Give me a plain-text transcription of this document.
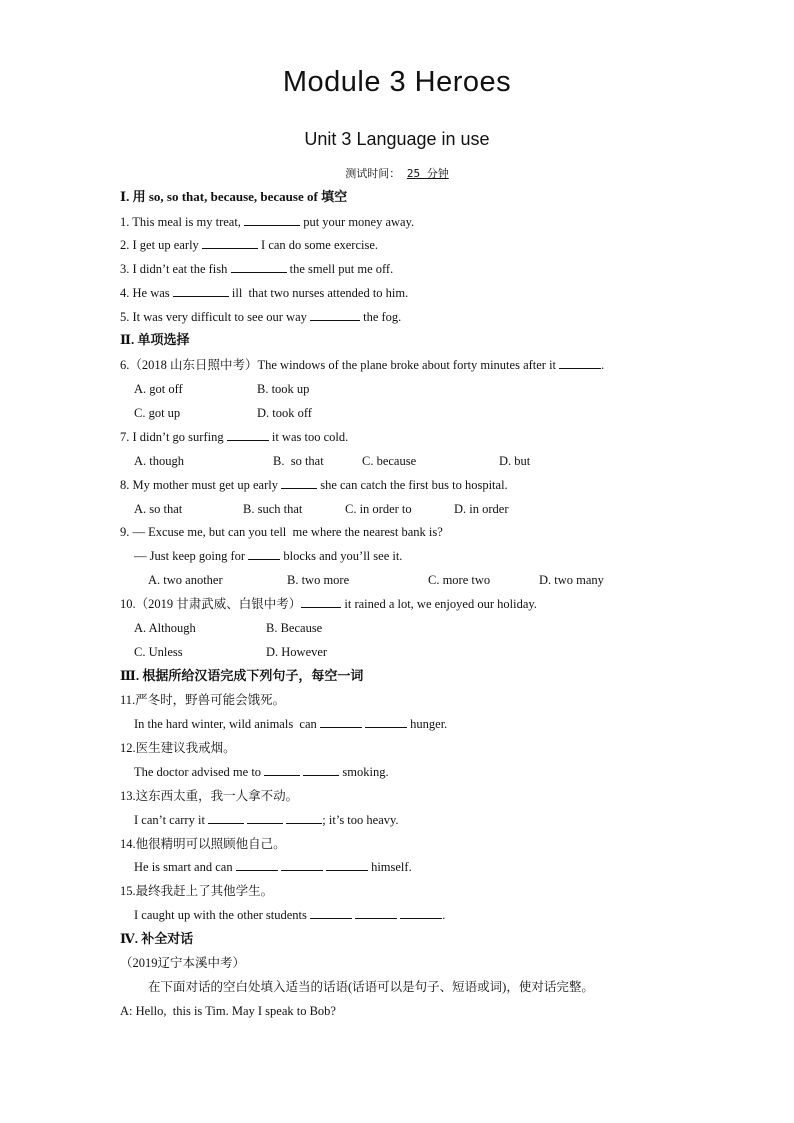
Module 3 Heroes
Unit 3 Language in use
测试时间： 25 分钟
Ⅰ. 用 so, so that, because, because of 填空
1. This meal is my treat,	put your money away.
2. I get up early	I can do some exercise.
3. I didn’t eat the fish	the smell put me off.
4. He was	ill  that two nurses attended to him.
5. It was very difficult to see our way	the fog.
Ⅱ. 单项选择
6.（2018 山东日照中考）The windows of the plane broke about forty minutes after it	.
A. got off	B. took up
C. got up	D. took off
7. I didn’t go surfing	it was too cold.
A. though	B.  so that	C. because	D. but
8. My mother must get up early	she can catch the first bus to hospital.
A. so that	B. such that	C. in order to	D. in order
9. — Excuse me, but can you tell  me where the nearest bank is?
— Just keep going for	blocks and you’ll see it.
A. two another	B. two more	C. more two	D. two many
10.（2019 甘肃武威、白银中考）	it rained a lot, we enjoyed our holiday.
A. Although	B. Because
C. Unless	D. However
Ⅲ. 根据所给汉语完成下列句子，每空一词
11.严冬时，野兽可能会饿死。
In the hard winter, wild animals  can	hunger.
12.医生建议我戒烟。
The doctor advised me to	smoking.
13.这东西太重，我一人拿不动。
I can’t carry it	; it’s too heavy.
14.他很精明可以照顾他自己。
He is smart and can	himself.
15.最终我赶上了其他学生。
I caught up with the other students	.
Ⅳ. 补全对话
（2019辽宁本溪中考）
在下面对话的空白处填入适当的话语(话语可以是句子、短语或词)，使对话完整。
A: Hello,  this is Tim. May I speak to Bob?
